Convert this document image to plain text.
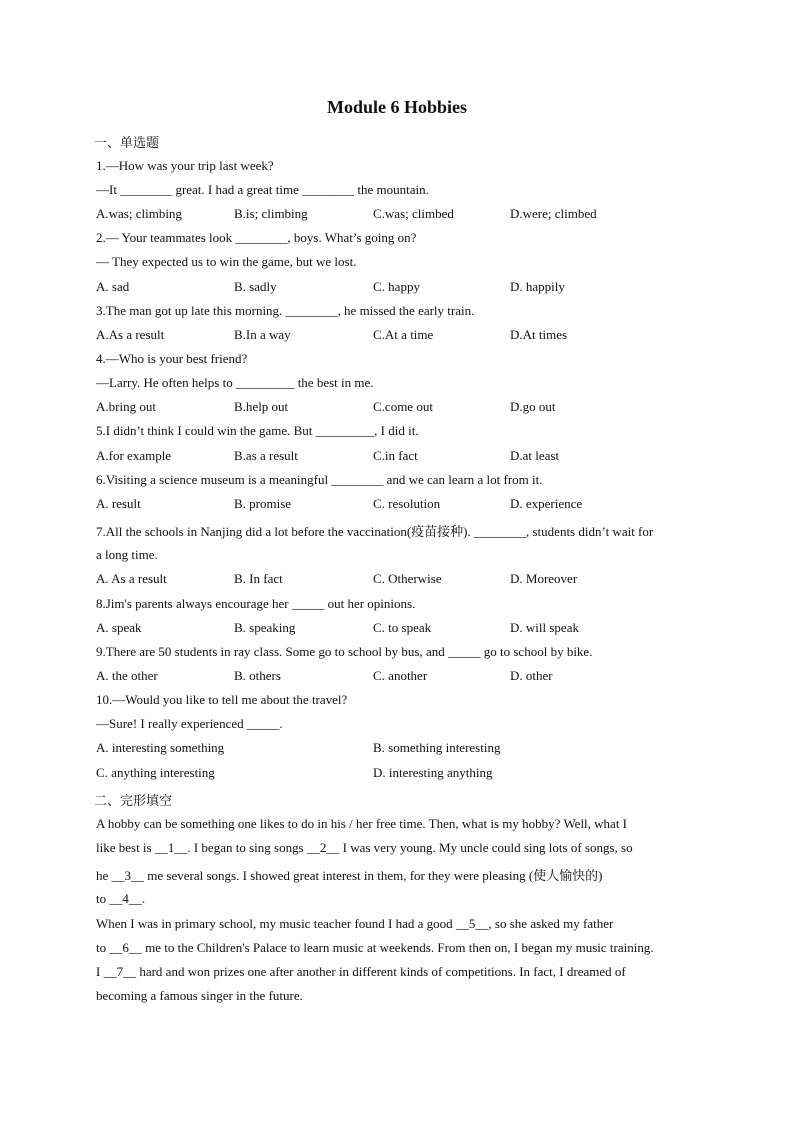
Module 6 Hobbies
一、单选题
1.—How was your trip last week?
—It ________ great. I had a great time ________ the mountain.
A.was; climbing	B.is; climbing	C.was; climbed	D.were; climbed
2.— Your teammates look ________, boys. What’s going on?
— They expected us to win the game, but we lost.
A. sad	B. sadly	C. happy	D. happily
3.The man got up late this morning. ________, he missed the early train.
A.As a result	B.In a way	C.At a time	D.At times
4.—Who is your best friend?
—Larry. He often helps to _________ the best in me.
A.bring out	B.help out	C.come out	D.go out
5.I didn’t think I could win the game. But _________, I did it.
A.for example	B.as a result	C.in fact	D.at least
6.Visiting a science museum is a meaningful ________ and we can learn a lot from it.
A. result	B. promise	C. resolution	D. experience
7.All the schools in Nanjing did a lot before the vaccination(疫苗接种). ________, students didn’t wait for
a long time.
A. As a result	B. In fact	C. Otherwise	D. Moreover
8.Jim's parents always encourage her _____ out her opinions.
A. speak	B. speaking	C. to speak	D. will speak
9.There are 50 students in ray class. Some go to school by bus, and _____ go to school by bike.
A. the other	B. others	C. another	D. other
10.—Would you like to tell me about the travel?
—Sure! I really experienced _____.
A. interesting something	B. something interesting
C. anything interesting	D. interesting anything
二、完形填空
A hobby can be something one likes to do in his / her free time. Then, what is my hobby? Well, what I
like best is __1__. I began to sing songs __2__ I was very young. My uncle could sing lots of songs, so
he __3__ me several songs. I showed great interest in them, for they were pleasing (使人愉快的)
to __4__.
When I was in primary school, my music teacher found I had a good __5__, so she asked my father
to __6__ me to the Children's Palace to learn music at weekends. From then on, I began my music training.
I __7__ hard and won prizes one after another in different kinds of competitions. In fact, I dreamed of
becoming a famous singer in the future.
